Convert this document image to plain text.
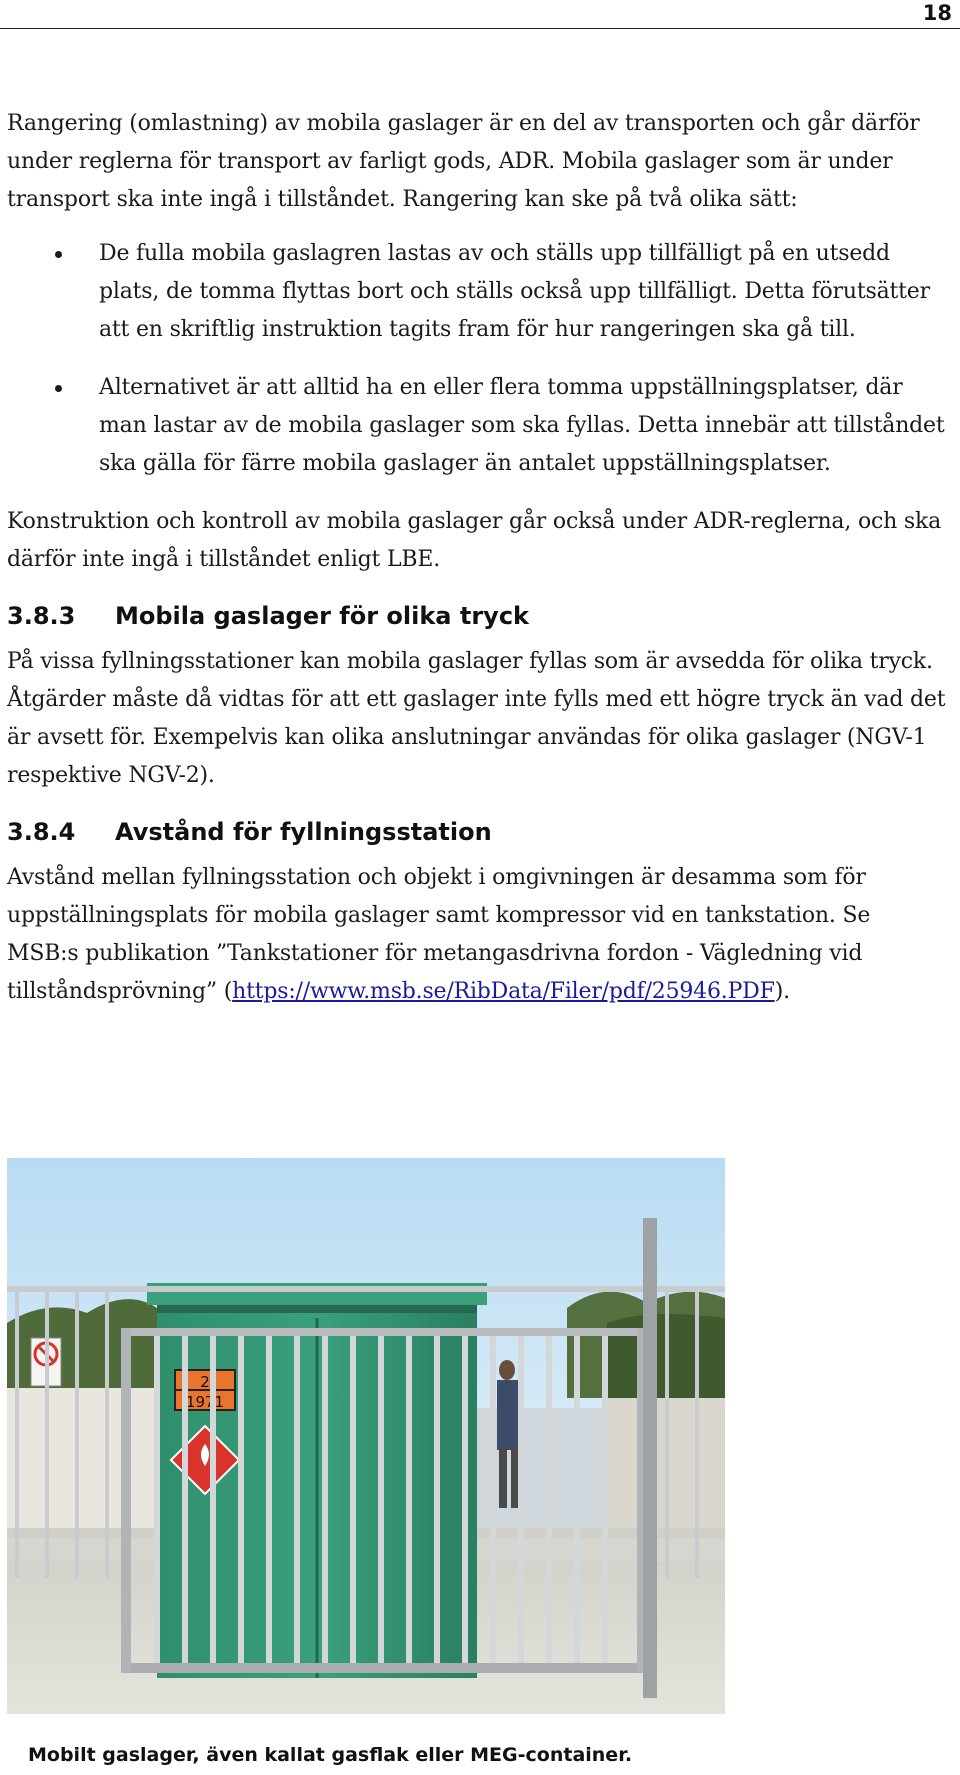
18

Rangering (omlastning) av mobila gaslager är en del av transporten och går därför under reglerna för transport av farligt gods, ADR. Mobila gaslager som är under transport ska inte ingå i tillståndet. Rangering kan ske på två olika sätt:

De fulla mobila gaslagren lastas av och ställs upp tillfälligt på en utsedd plats, de tomma flyttas bort och ställs också upp tillfälligt. Detta förutsätter att en skriftlig instruktion tagits fram för hur rangeringen ska gå till.
Alternativet är att alltid ha en eller flera tomma uppställningsplatser, där man lastar av de mobila gaslager som ska fyllas. Detta innebär att tillståndet ska gälla för färre mobila gaslager än antalet uppställningsplatser.

Konstruktion och kontroll av mobila gaslager går också under ADR-reglerna, och ska därför inte ingå i tillståndet enligt LBE.

3.8.3 Mobila gaslager för olika tryck

På vissa fyllningsstationer kan mobila gaslager fyllas som är avsedda för olika tryck. Åtgärder måste då vidtas för att ett gaslager inte fylls med ett högre tryck än vad det är avsett för. Exempelvis kan olika anslutningar användas för olika gaslager (NGV-1 respektive NGV-2).

3.8.4 Avstånd för fyllningsstation

Avstånd mellan fyllningsstation och objekt i omgivningen är desamma som för uppställningsplats för mobila gaslager samt kompressor vid en tankstation. Se MSB:s publikation ”Tankstationer för metangasdrivna fordon - Vägledning vid tillståndsprövning” (https://www.msb.se/RibData/Filer/pdf/25946.PDF).

2
1971
Mobilt gaslager, även kallat gasflak eller MEG-container.
